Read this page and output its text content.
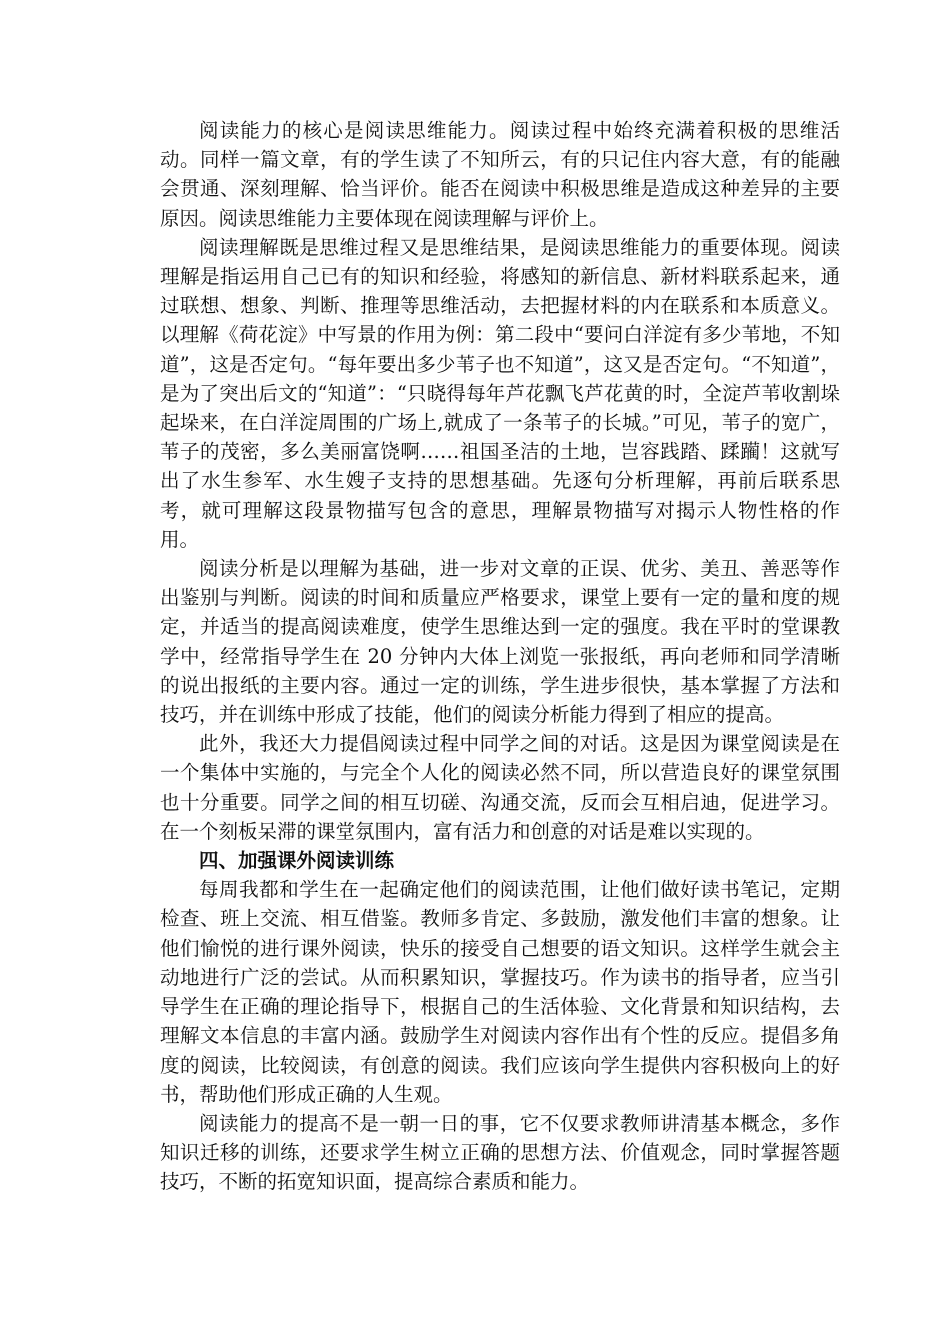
阅读能力的核心是阅读思维能力。阅读过程中始终充满着积极的思维活动。同样一篇文章，有的学生读了不知所云，有的只记住内容大意，有的能融会贯通、深刻理解、恰当评价。能否在阅读中积极思维是造成这种差异的主要原因。阅读思维能力主要体现在阅读理解与评价上。

阅读理解既是思维过程又是思维结果，是阅读思维能力的重要体现。阅读理解是指运用自己已有的知识和经验，将感知的新信息、新材料联系起来，通过联想、想象、判断、推理等思维活动，去把握材料的内在联系和本质意义。以理解《荷花淀》中写景的作用为例：第二段中“要问白洋淀有多少苇地，不知道”，这是否定句。“每年要出多少苇子也不知道”，这又是否定句。“不知道”，是为了突出后文的“知道”：“只晓得每年芦花飘飞芦花黄的时，全淀芦苇收割垛起垛来，在白洋淀周围的广场上,就成了一条苇子的长城。”可见，苇子的宽广，苇子的茂密，多么美丽富饶啊……祖国圣洁的土地，岂容践踏、蹂躏！这就写出了水生参军、水生嫂子支持的思想基础。先逐句分析理解，再前后联系思考，就可理解这段景物描写包含的意思，理解景物描写对揭示人物性格的作用。

阅读分析是以理解为基础，进一步对文章的正误、优劣、美丑、善恶等作出鉴别与判断。阅读的时间和质量应严格要求，课堂上要有一定的量和度的规定，并适当的提高阅读难度，使学生思维达到一定的强度。我在平时的堂课教学中，经常指导学生在 20 分钟内大体上浏览一张报纸，再向老师和同学清晰的说出报纸的主要内容。通过一定的训练，学生进步很快，基本掌握了方法和技巧，并在训练中形成了技能，他们的阅读分析能力得到了相应的提高。

此外，我还大力提倡阅读过程中同学之间的对话。这是因为课堂阅读是在一个集体中实施的，与完全个人化的阅读必然不同，所以营造良好的课堂氛围也十分重要。同学之间的相互切磋、沟通交流，反而会互相启迪，促进学习。在一个刻板呆滞的课堂氛围内，富有活力和创意的对话是难以实现的。

四、加强课外阅读训练

每周我都和学生在一起确定他们的阅读范围，让他们做好读书笔记，定期检查、班上交流、相互借鉴。教师多肯定、多鼓励，激发他们丰富的想象。让他们愉悦的进行课外阅读，快乐的接受自己想要的语文知识。这样学生就会主动地进行广泛的尝试。从而积累知识，掌握技巧。作为读书的指导者，应当引导学生在正确的理论指导下，根据自己的生活体验、文化背景和知识结构，去理解文本信息的丰富内涵。鼓励学生对阅读内容作出有个性的反应。提倡多角度的阅读，比较阅读，有创意的阅读。我们应该向学生提供内容积极向上的好书，帮助他们形成正确的人生观。

阅读能力的提高不是一朝一日的事，它不仅要求教师讲清基本概念，多作知识迁移的训练，还要求学生树立正确的思想方法、价值观念，同时掌握答题技巧，不断的拓宽知识面，提高综合素质和能力。
